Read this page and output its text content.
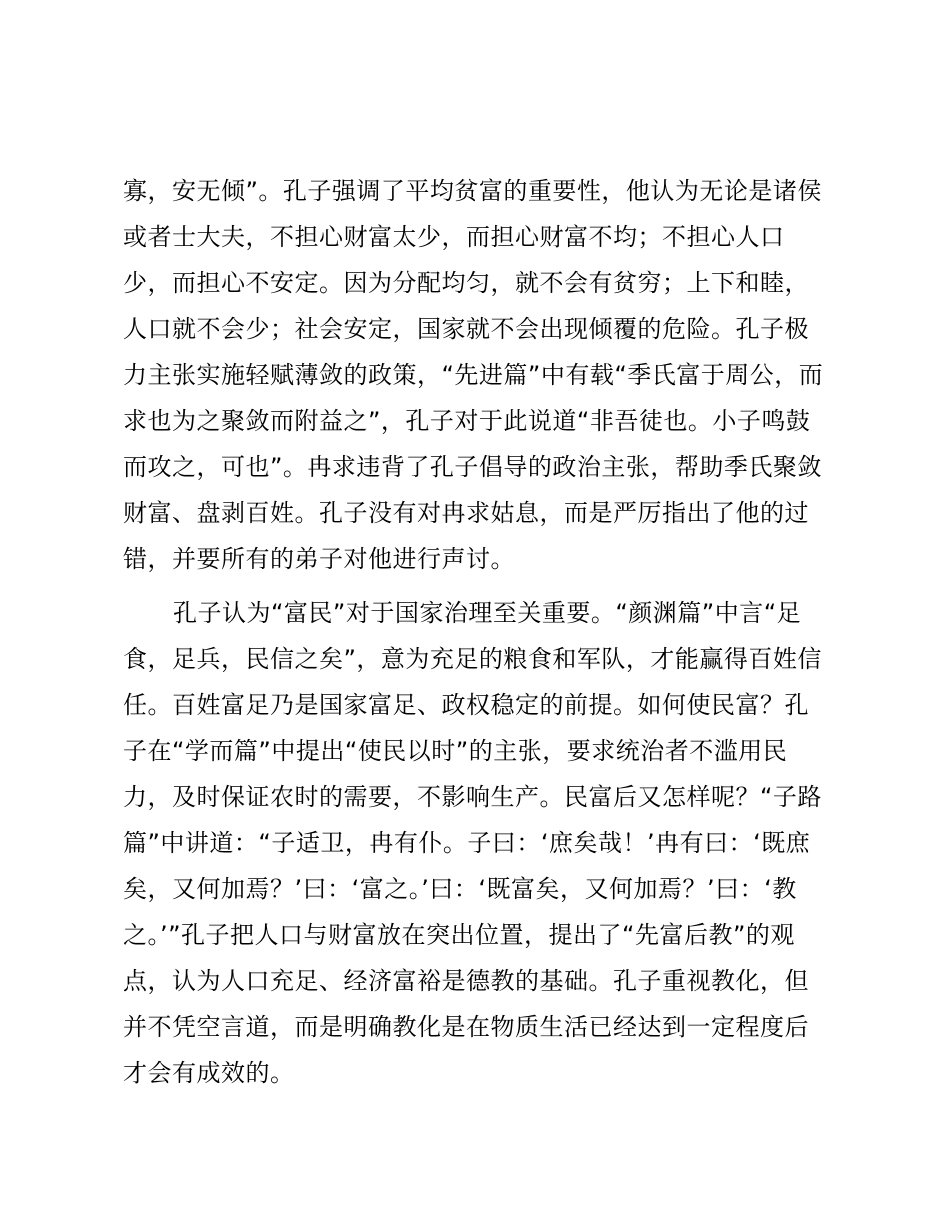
寡，安无倾”。孔子强调了平均贫富的重要性，他认为无论是诸侯
或者士大夫，不担心财富太少，而担心财富不均；不担心人口
少，而担心不安定。因为分配均匀，就不会有贫穷；上下和睦，
人口就不会少；社会安定，国家就不会出现倾覆的危险。孔子极
力主张实施轻赋薄敛的政策，“先进篇”中有载“季氏富于周公，而
求也为之聚敛而附益之”，孔子对于此说道“非吾徒也。小子鸣鼓
而攻之，可也”。冉求违背了孔子倡导的政治主张，帮助季氏聚敛
财富、盘剥百姓。孔子没有对冉求姑息，而是严厉指出了他的过
错，并要所有的弟子对他进行声讨。
孔子认为“富民”对于国家治理至关重要。“颜渊篇”中言“足
食，足兵，民信之矣”，意为充足的粮食和军队，才能赢得百姓信
任。百姓富足乃是国家富足、政权稳定的前提。如何使民富？孔
子在“学而篇”中提出“使民以时”的主张，要求统治者不滥用民
力，及时保证农时的需要，不影响生产。民富后又怎样呢？“子路
篇”中讲道：“子适卫，冉有仆。子曰：‘庶矣哉！’冉有曰：‘既庶
矣，又何加焉？’曰：‘富之。’曰：‘既富矣，又何加焉？’曰：‘教
之。’”孔子把人口与财富放在突出位置，提出了“先富后教”的观
点，认为人口充足、经济富裕是德教的基础。孔子重视教化，但
并不凭空言道，而是明确教化是在物质生活已经达到一定程度后
才会有成效的。
